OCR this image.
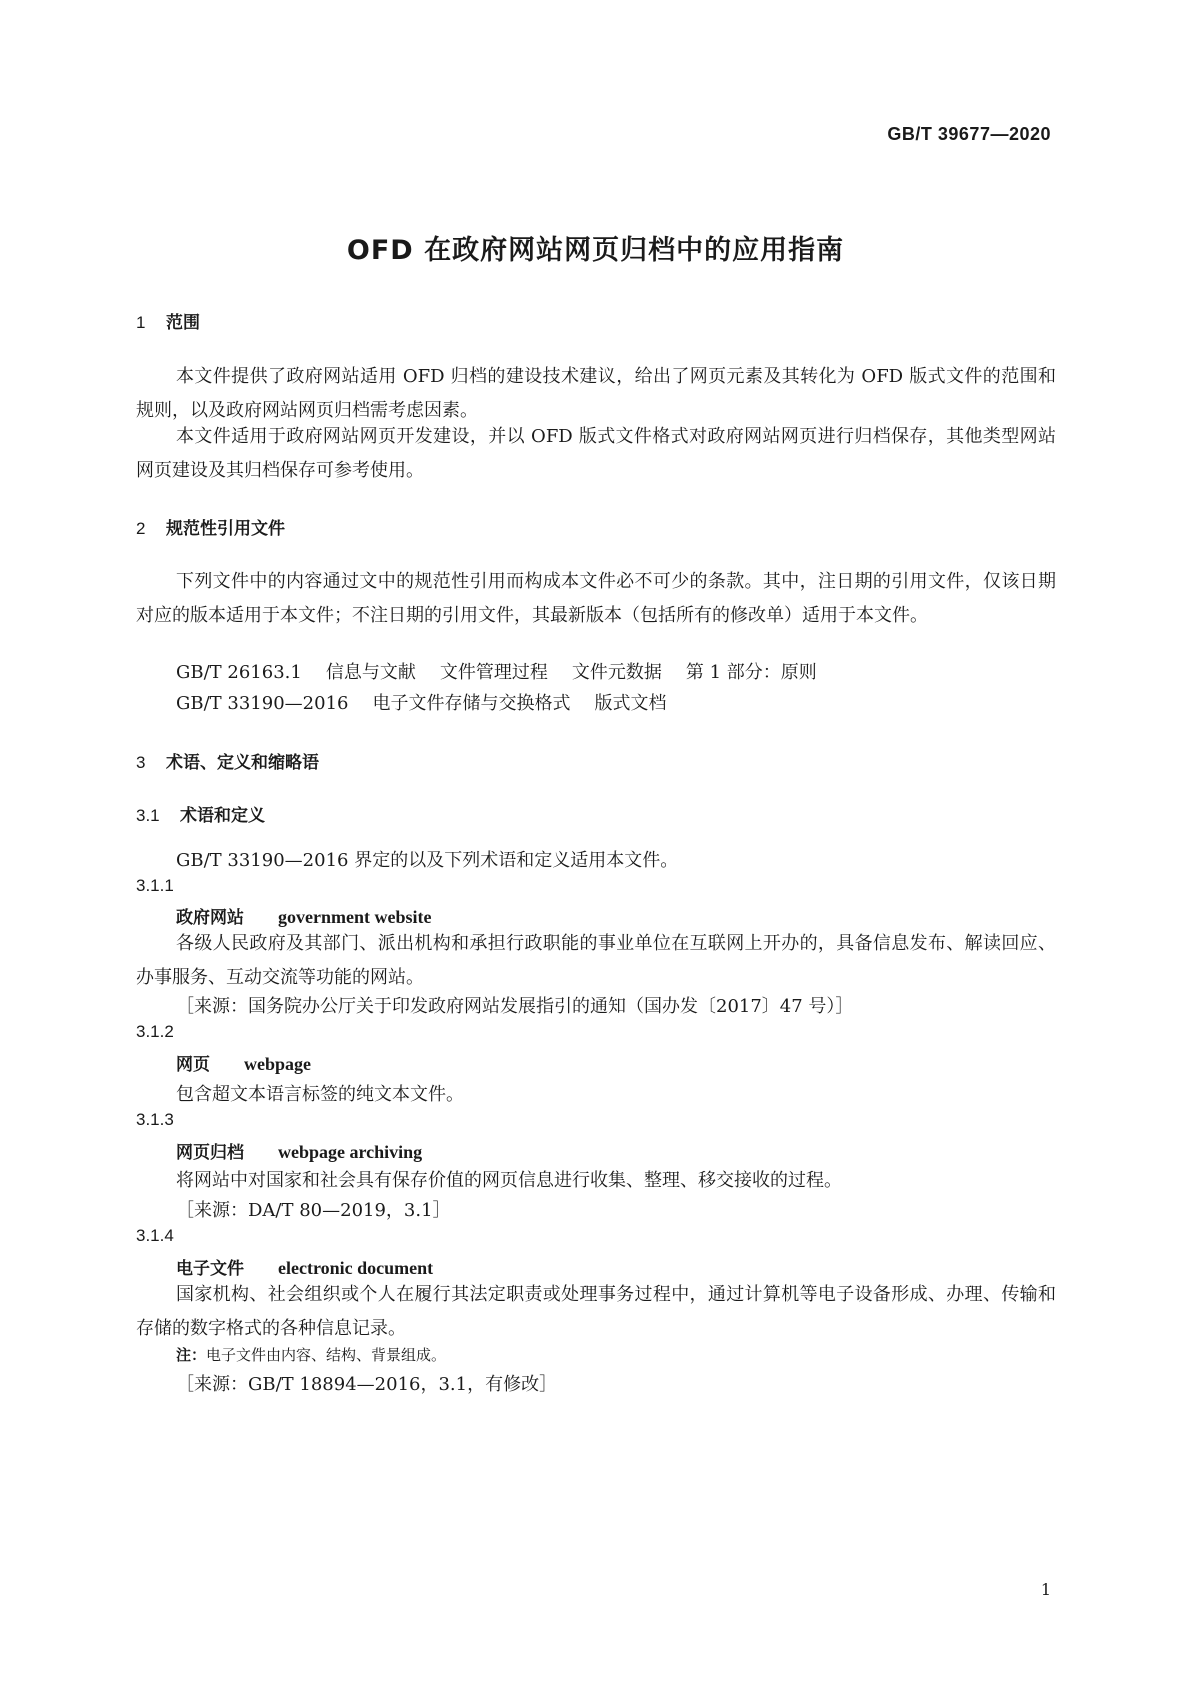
GB/T 39677—2020
OFD 在政府网站网页归档中的应用指南
1 范围
本文件提供了政府网站适用 OFD 归档的建设技术建议，给出了网页元素及其转化为 OFD 版式文件的范围和规则，以及政府网站网页归档需考虑因素。
本文件适用于政府网站网页开发建设，并以 OFD 版式文件格式对政府网站网页进行归档保存，其他类型网站网页建设及其归档保存可参考使用。
2 规范性引用文件
下列文件中的内容通过文中的规范性引用而构成本文件必不可少的条款。其中，注日期的引用文件，仅该日期对应的版本适用于本文件；不注日期的引用文件，其最新版本（包括所有的修改单）适用于本文件。
GB/T 26163.1 信息与文献 文件管理过程 文件元数据 第 1 部分：原则
GB/T 33190—2016 电子文件存储与交换格式 版式文档
3 术语、定义和缩略语
3.1 术语和定义
GB/T 33190—2016 界定的以及下列术语和定义适用本文件。
3.1.1
政府网站 government website
各级人民政府及其部门、派出机构和承担行政职能的事业单位在互联网上开办的，具备信息发布、解读回应、办事服务、互动交流等功能的网站。
［来源：国务院办公厅关于印发政府网站发展指引的通知（国办发〔2017〕47 号）］
3.1.2
网页 webpage
包含超文本语言标签的纯文本文件。
3.1.3
网页归档 webpage archiving
将网站中对国家和社会具有保存价值的网页信息进行收集、整理、移交接收的过程。
［来源：DA/T 80—2019，3.1］
3.1.4
电子文件 electronic document
国家机构、社会组织或个人在履行其法定职责或处理事务过程中，通过计算机等电子设备形成、办理、传输和存储的数字格式的各种信息记录。
注：电子文件由内容、结构、背景组成。
［来源：GB/T 18894—2016，3.1，有修改］
1
